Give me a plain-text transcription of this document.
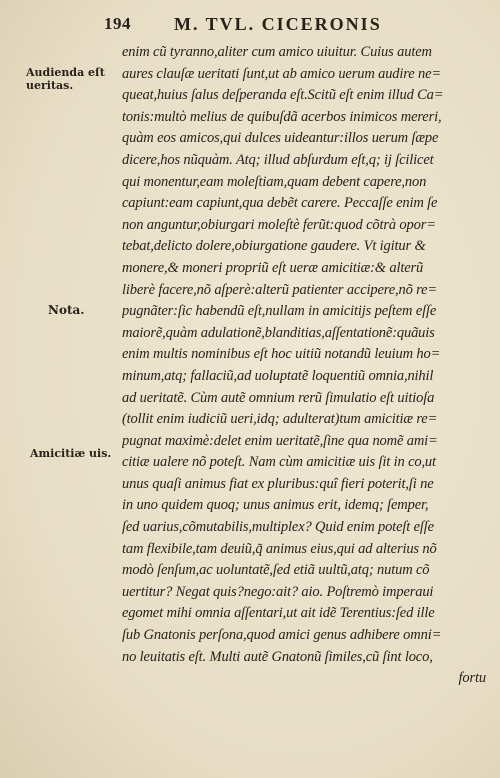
194 M. TVL. CICERONIS
Audienda eſt
ueritas.
Nota.
Amicitiæ uis.
enim cũ tyranno,aliter cum amico uiuitur. Cuius autem
aures clauſæ ueritati ſunt,ut ab amico uerum audire ne=
queat,huius ſalus deſperanda eſt.Scitũ eſt enim illud Ca=
tonis:multò melius de quibuſdã acerbos inimicos mereri,
quàm eos amicos,qui dulces uideantur:illos uerum ſæpe
dicere,hos nũquàm. Atq; illud abſurdum eſt,q; ij ſcilicet
qui monentur,eam moleſtiam,quam debent capere,non
capiunt:eam capiunt,qua debẽt carere. Peccaſſe enim ſe
non anguntur,obiurgari moleſtè ferũt:quod cõtrà opor=
tebat,delicto dolere,obiurgatione gaudere. Vt igitur &
monere,& moneri propriũ eſt ueræ amicitiæ:& alterũ
liberè facere,nõ aſperè:alterũ patienter accipere,nõ re=
pugnãter:ſic habendũ eſt,nullam in amicitijs peſtem eſſe
maiorẽ,quàm adulationẽ,blanditias,aſſentationẽ:quãuis
enim multis nominibus eſt hoc uitiũ notandũ leuium ho=
minum,atq; fallaciũ,ad uoluptatẽ loquentiũ omnia,nihil
ad ueritatẽ. Cùm autẽ omnium rerũ ſimulatio eſt uitioſa
(tollit enim iudiciũ ueri,idq; adulterat)tum amicitiæ re=
pugnat maximè:delet enim ueritatẽ,ſine qua nomẽ ami=
citiæ ualere nõ poteſt. Nam cùm amicitiæ uis ſit in co,ut
unus quaſi animus fiat ex pluribus:quî fieri poterit,ſi ne
in uno quidem quoq; unus animus erit, idemq; ſemper,
ſed uarius,cõmutabilis,multiplex? Quid enim poteſt eſſe
tam flexibile,tam deuiũ,q̃ animus eius,qui ad alterius nõ
modò ſenſum,ac uoluntatẽ,ſed etiã uultũ,atq; nutum cõ
uertitur? Negat quis?nego:ait? aio. Poſtremò imperaui
egomet mihi omnia aſſentari,ut ait idẽ Terentius:ſed ille
ſub Gnatonis perſona,quod amici genus adhibere omni=
no leuitatis eſt. Multi autẽ Gnatonũ ſimiles,cũ ſint loco,
fortu
